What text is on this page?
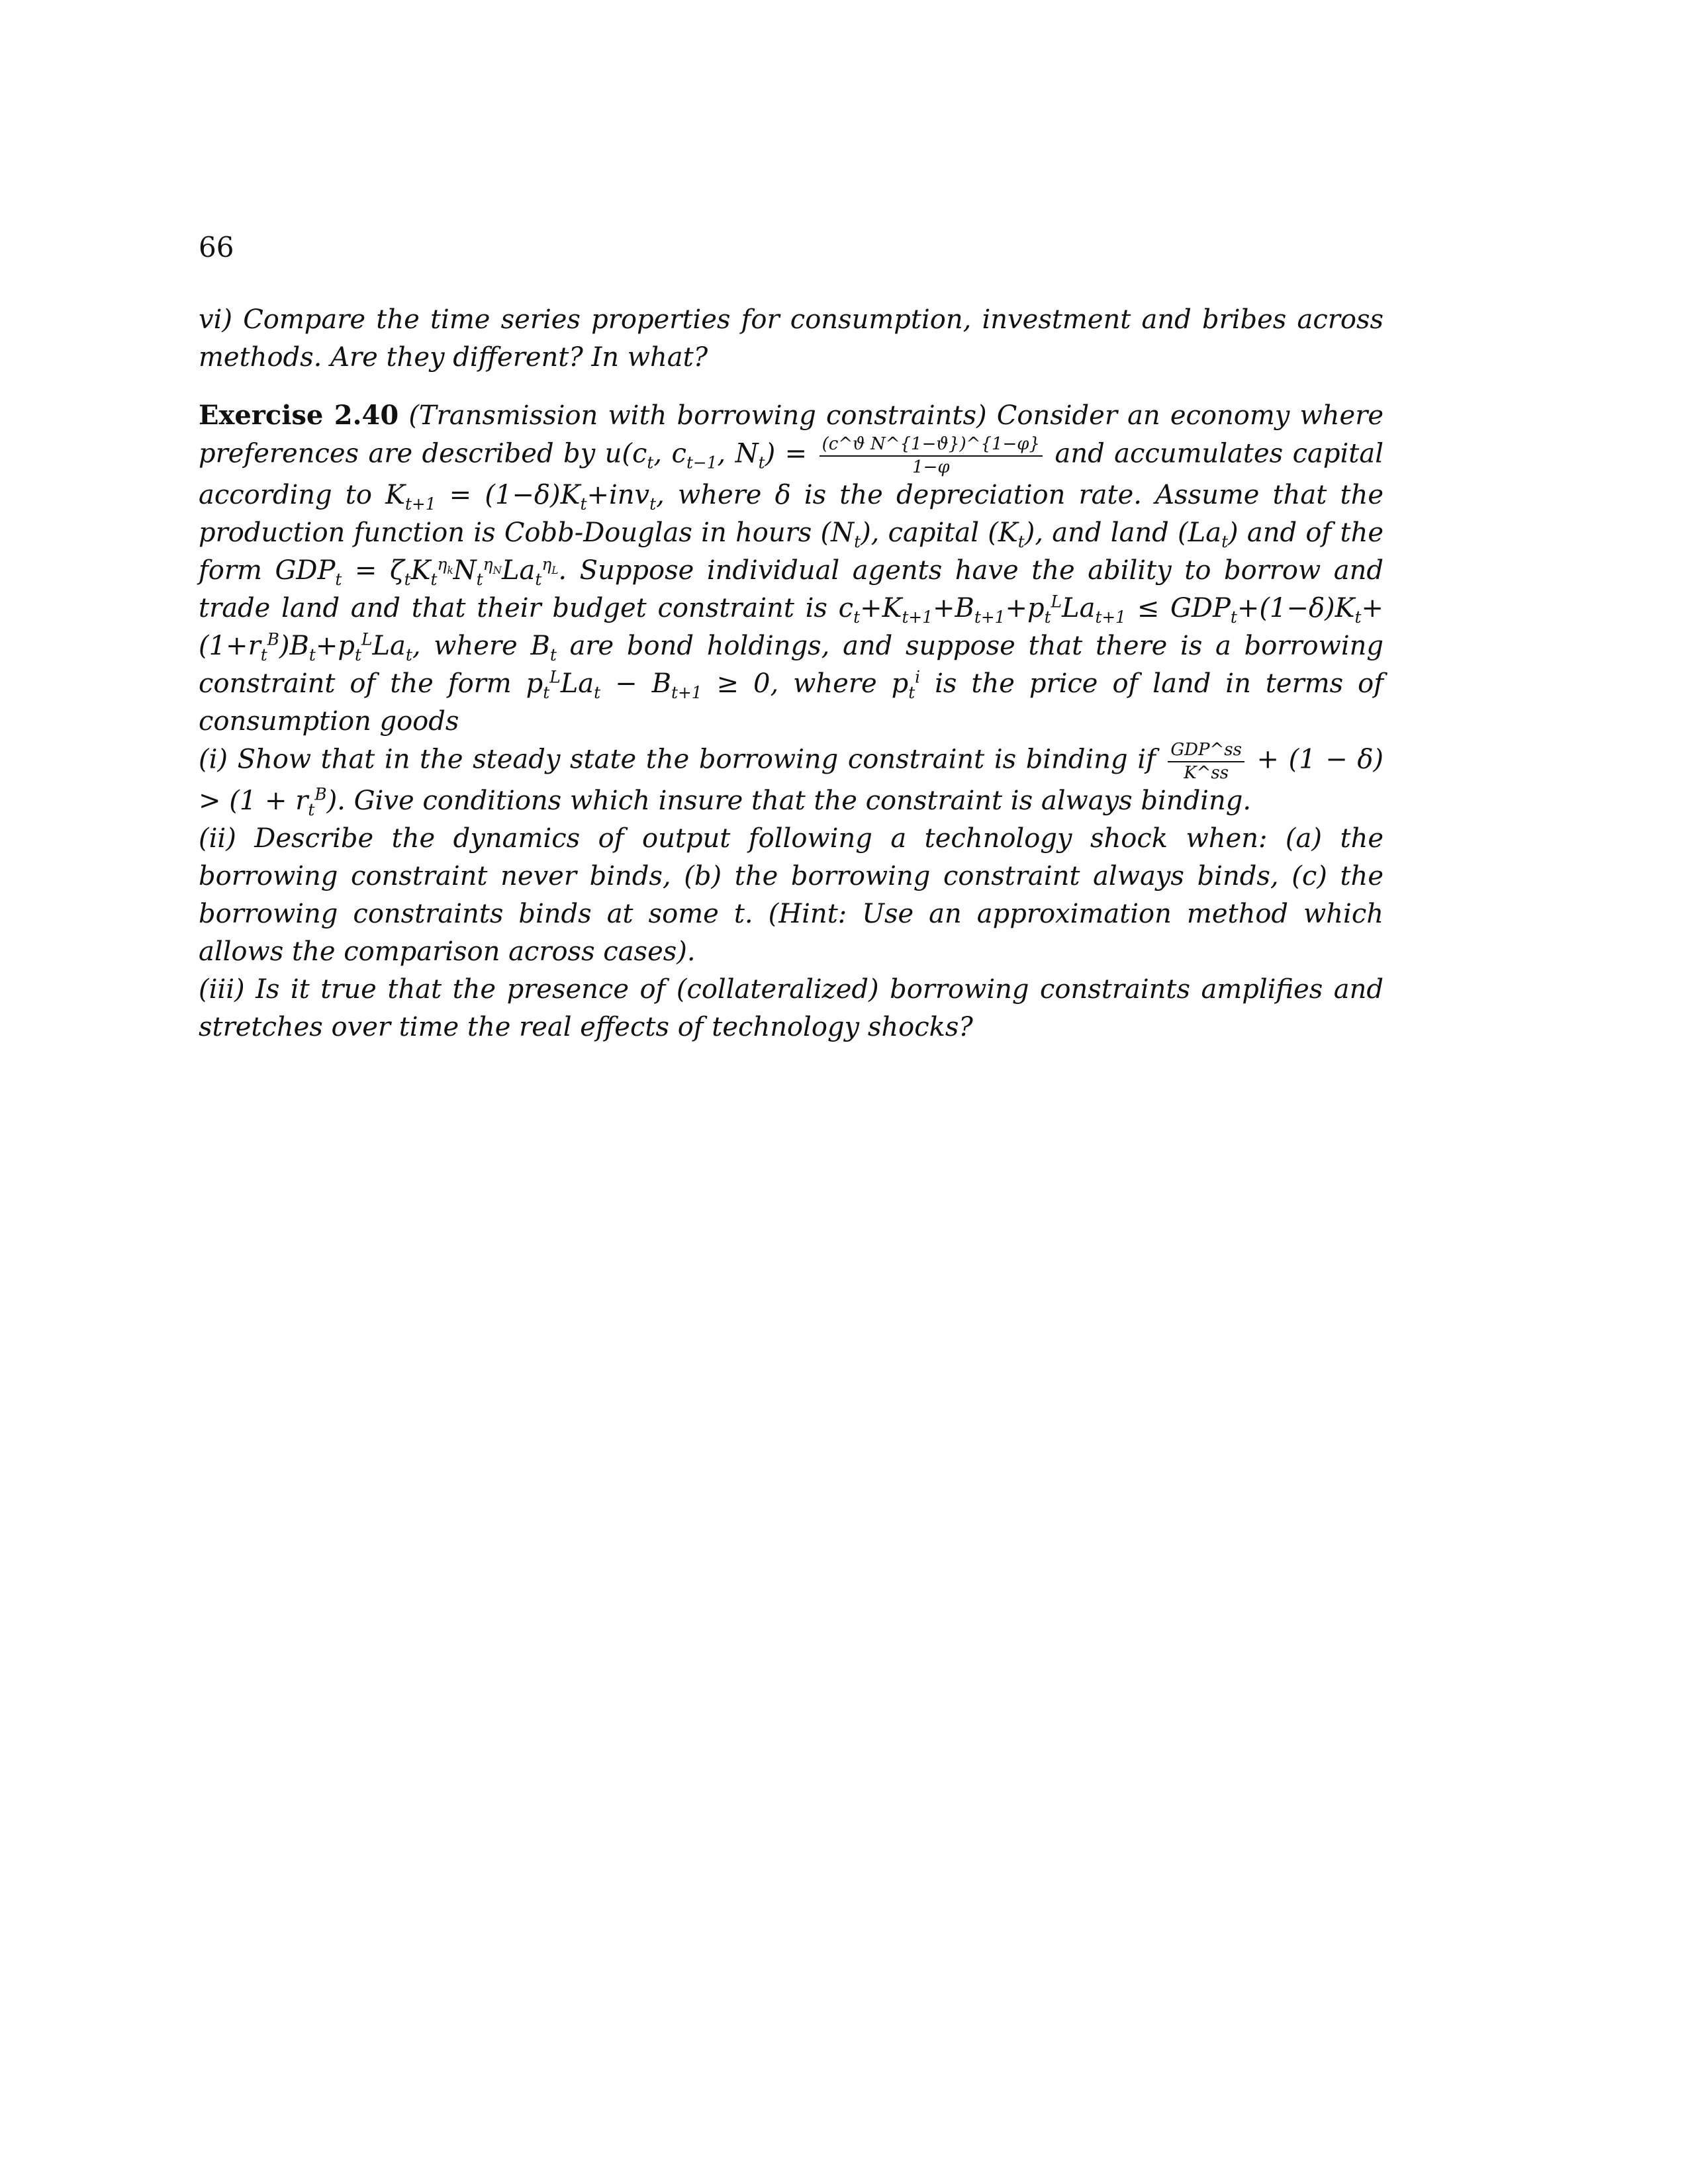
66

vi) Compare the time series properties for consumption, investment and bribes across methods. Are they different? In what?

Exercise 2.40 (Transmission with borrowing constraints) Consider an economy where preferences are described by $u(c_t$, $c_{t-1}$, $N_t) = \frac{\text{(c\textasciicircum{}ϑ N\textasciicircum{}\{1−ϑ\})\textasciicircum{}\{1−φ\}}}{1-\varphi}$ and accumulates capital according to $K_{t+1} = (1-\delta)K_t+inv_t$, where δ is the depreciation rate. Assume that the production function is Cobb-Douglas in hours $(N_t)$, capital $(K_t)$, and land $(La_t)$ and of the form $GDP_t = \zeta_tK_t^{\eta_k}N_t^{\eta_N}La_t^{\eta_L}$. Suppose individual agents have the ability to borrow and trade land and that their budget constraint is $c_t+K_{t+1}+B_{t+1}+p_t^LLa_{t+1} \le GDP_t+(1-\delta)K_t+(1+r_t^B)B_t+p_t^LLa_t$, where $B_t$ are bond holdings, and suppose that there is a borrowing constraint of the form $p_t^LLa_t - B_{t+1} \ge 0$, where $p_t^i$ is the price of land in terms of consumption goods
(i) Show that in the steady state the borrowing constraint is binding if $\frac{\text{GDP\textasciicircum{}ss}}{K\^{}ss} + (1 - \delta) > (1 + r_t^B)$. Give conditions which insure that the constraint is always binding.
(ii) Describe the dynamics of output following a technology shock when: (a) the borrowing constraint never binds, (b) the borrowing constraint always binds, (c) the borrowing constraints binds at some t. (Hint: Use an approximation method which allows the comparison across cases).
(iii) Is it true that the presence of (collateralized) borrowing constraints amplifies and stretches over time the real effects of technology shocks?
